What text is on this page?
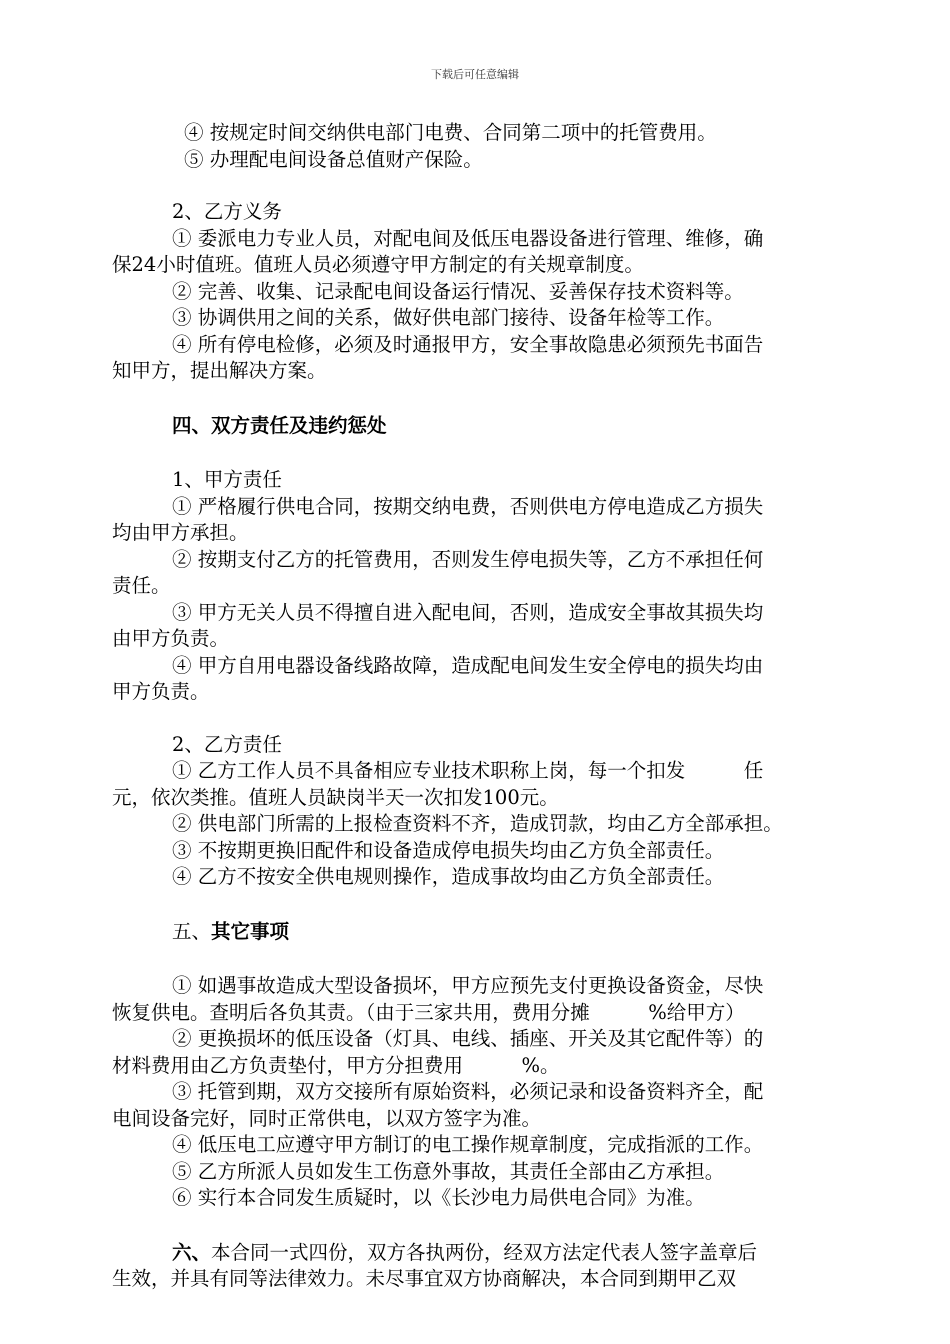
下载后可任意编辑

④ 按规定时间交纳供电部门电费、合同第二项中的托管费用。

⑤ 办理配电间设备总值财产保险。

2、乙方义务

① 委派电力专业人员，对配电间及低压电器设备进行管理、维修，确

保24小时值班。值班人员必须遵守甲方制定的有关规章制度。

② 完善、收集、记录配电间设备运行情况、妥善保存技术资料等。

③ 协调供用之间的关系，做好供电部门接待、设备年检等工作。

④ 所有停电检修，必须及时通报甲方，安全事故隐患必须预先书面告

知甲方，提出解决方案。

四、双方责任及违约惩处

1、甲方责任

① 严格履行供电合同，按期交纳电费，否则供电方停电造成乙方损失

均由甲方承担。

② 按期支付乙方的托管费用，否则发生停电损失等，乙方不承担任何

责任。

③ 甲方无关人员不得擅自进入配电间，否则，造成安全事故其损失均

由甲方负责。

④ 甲方自用电器设备线路故障，造成配电间发生安全停电的损失均由

甲方负责。

2、乙方责任

① 乙方工作人员不具备相应专业技术职称上岗，每一个扣发　　　任

元，依次类推。值班人员缺岗半天一次扣发100元。

② 供电部门所需的上报检查资料不齐，造成罚款，均由乙方全部承担。

③ 不按期更换旧配件和设备造成停电损失均由乙方负全部责任。

④ 乙方不按安全供电规则操作，造成事故均由乙方负全部责任。

五、其它事项

① 如遇事故造成大型设备损坏，甲方应预先支付更换设备资金，尽快

恢复供电。查明后各负其责。（由于三家共用，费用分摊　　　%给甲方）

② 更换损坏的低压设备（灯具、电线、插座、开关及其它配件等）的

材料费用由乙方负责垫付，甲方分担费用　　　%。

③ 托管到期，双方交接所有原始资料，必须记录和设备资料齐全，配

电间设备完好，同时正常供电，以双方签字为准。

④ 低压电工应遵守甲方制订的电工操作规章制度，完成指派的工作。

⑤ 乙方所派人员如发生工伤意外事故，其责任全部由乙方承担。

⑥ 实行本合同发生质疑时，以《长沙电力局供电合同》为准。

六、本合同一式四份，双方各执两份，经双方法定代表人签字盖章后

生效，并具有同等法律效力。未尽事宜双方协商解决，本合同到期甲乙双
